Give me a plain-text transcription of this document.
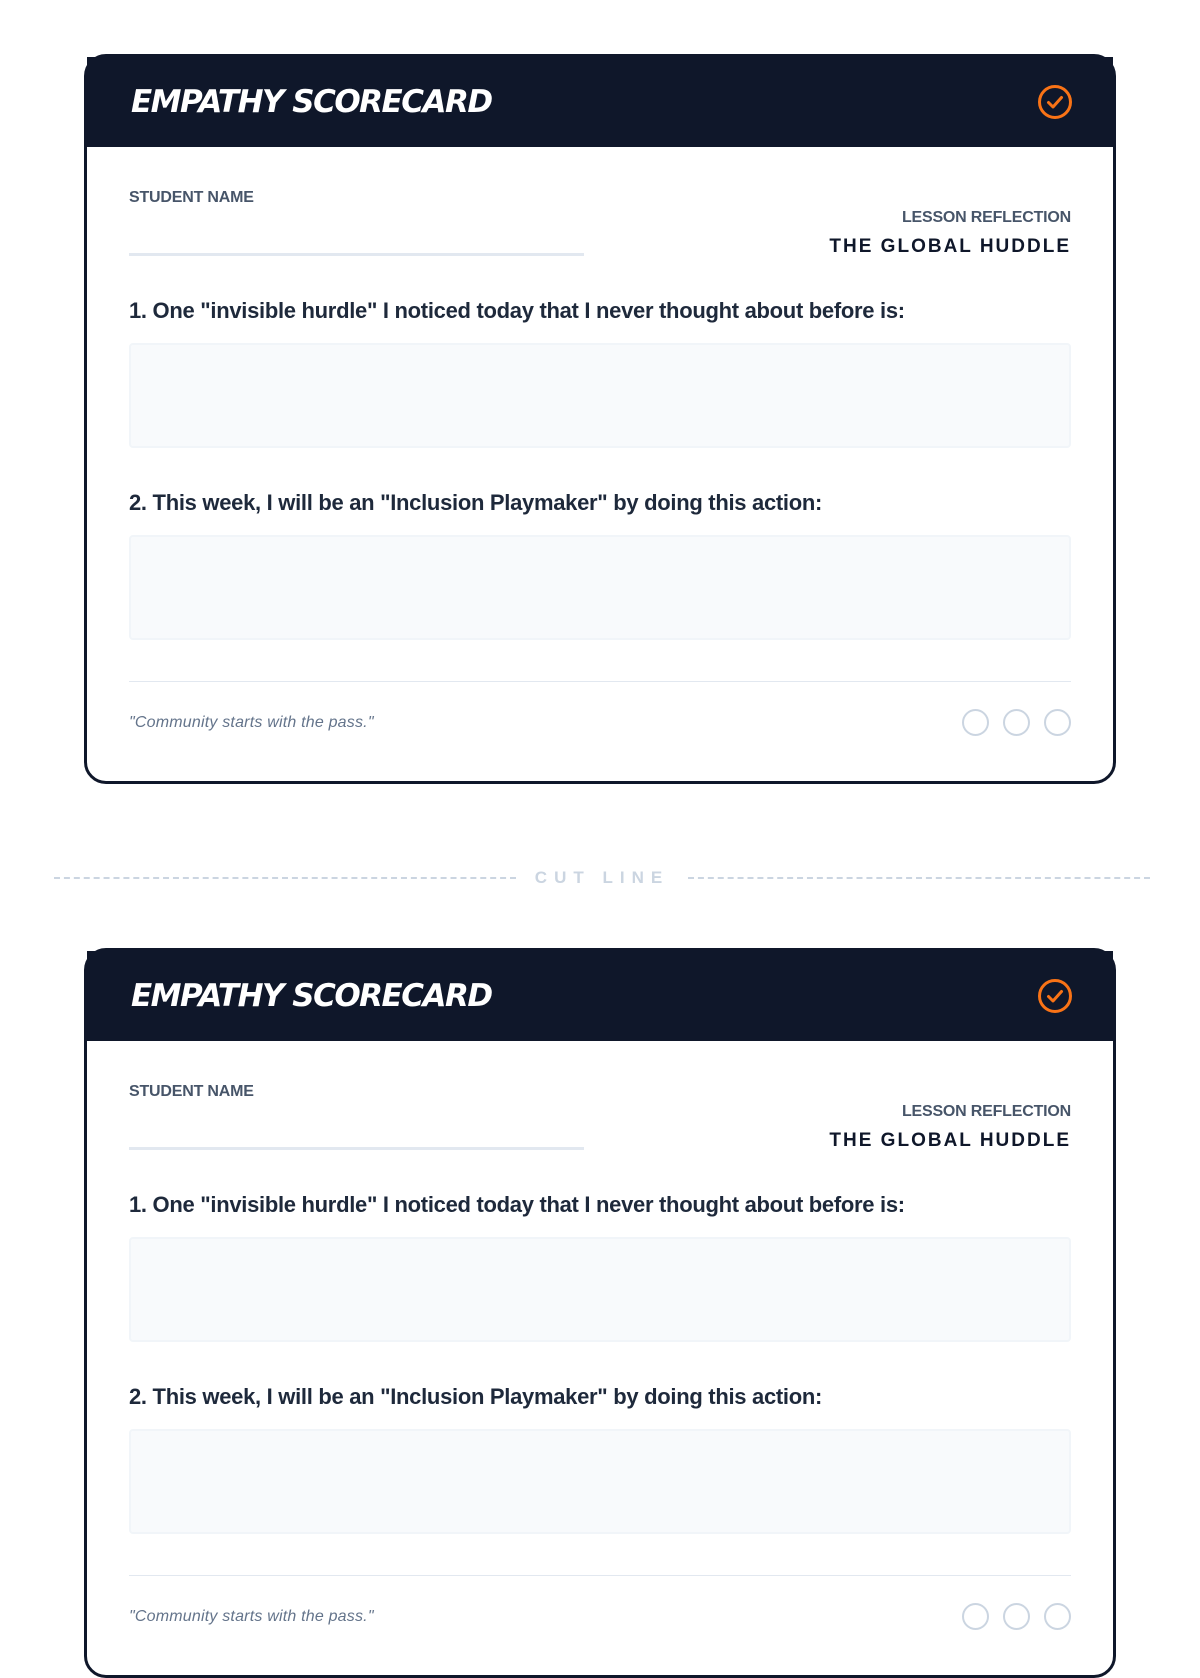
EMPATHY SCORECARD
STUDENT NAME
LESSON REFLECTION
THE GLOBAL HUDDLE
1. One "invisible hurdle" I noticed today that I never thought about before is:
2. This week, I will be an "Inclusion Playmaker" by doing this action:
"Community starts with the pass."
CUT LINE
EMPATHY SCORECARD
STUDENT NAME
LESSON REFLECTION
THE GLOBAL HUDDLE
1. One "invisible hurdle" I noticed today that I never thought about before is:
2. This week, I will be an "Inclusion Playmaker" by doing this action:
"Community starts with the pass."
